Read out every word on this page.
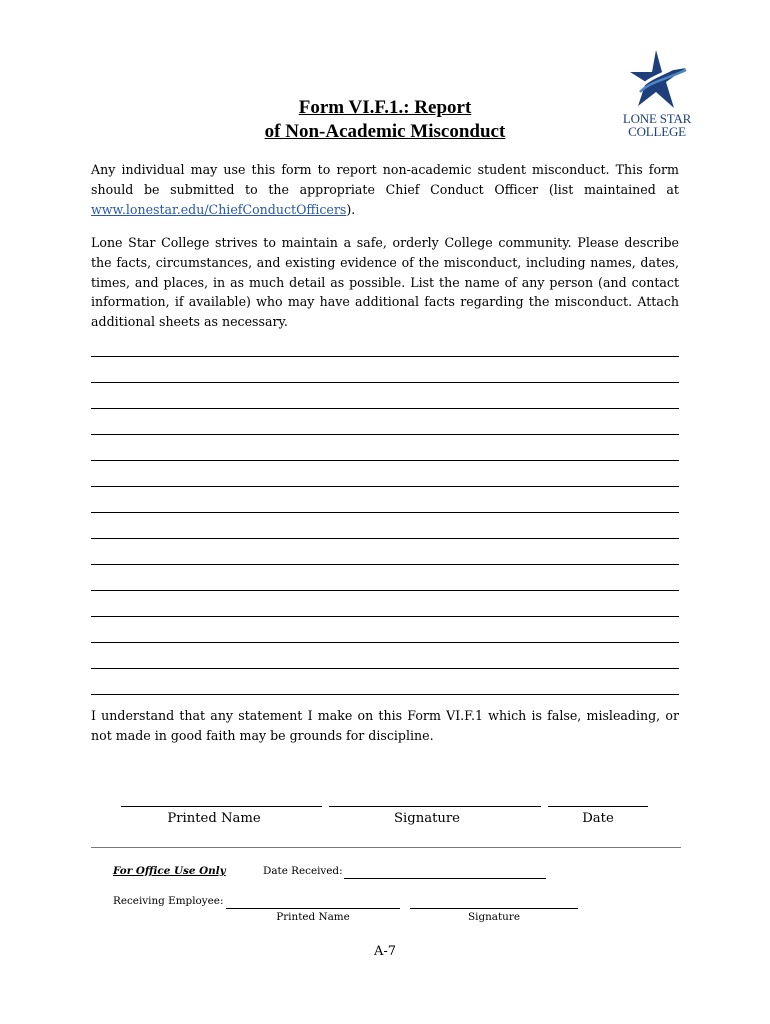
LONE STAR
COLLEGE
Form VI.F.1.: Report
of Non-Academic Misconduct
Any individual may use this form to report non-academic student misconduct. This form should be submitted to the appropriate Chief Conduct Officer (list maintained at www.lonestar.edu/ChiefConductOfficers).
Lone Star College strives to maintain a safe, orderly College community. Please describe the facts, circumstances, and existing evidence of the misconduct, including names, dates, times, and places, in as much detail as possible. List the name of any person (and contact information, if available) who may have additional facts regarding the misconduct. Attach additional sheets as necessary.
I understand that any statement I make on this Form VI.F.1 which is false, misleading, or not made in good faith may be grounds for discipline.
Printed Name	Signature	Date
For Office Use Only	Date Received:
Receiving Employee:
Printed Name	Signature
A-7
